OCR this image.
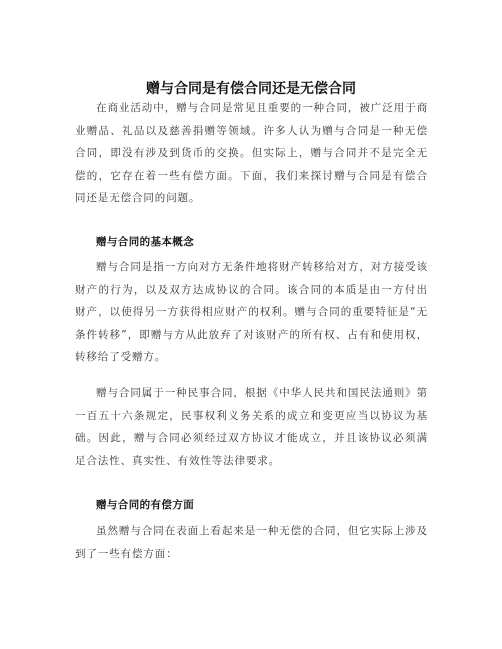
赠与合同是有偿合同还是无偿合同

在商业活动中，赠与合同是常见且重要的一种合同，被广泛用于商业赠品、礼品以及慈善捐赠等领域。许多人认为赠与合同是一种无偿合同，即没有涉及到货币的交换。但实际上，赠与合同并不是完全无偿的，它存在着一些有偿方面。下面，我们来探讨赠与合同是有偿合同还是无偿合同的问题。

赠与合同的基本概念

赠与合同是指一方向对方无条件地将财产转移给对方，对方接受该财产的行为，以及双方达成协议的合同。该合同的本质是由一方付出财产，以使得另一方获得相应财产的权利。赠与合同的重要特征是“无条件转移”，即赠与方从此放弃了对该财产的所有权、占有和使用权，转移给了受赠方。

赠与合同属于一种民事合同，根据《中华人民共和国民法通则》第一百五十六条规定，民事权利义务关系的成立和变更应当以协议为基础。因此，赠与合同必须经过双方协议才能成立，并且该协议必须满足合法性、真实性、有效性等法律要求。

赠与合同的有偿方面

虽然赠与合同在表面上看起来是一种无偿的合同，但它实际上涉及到了一些有偿方面：
